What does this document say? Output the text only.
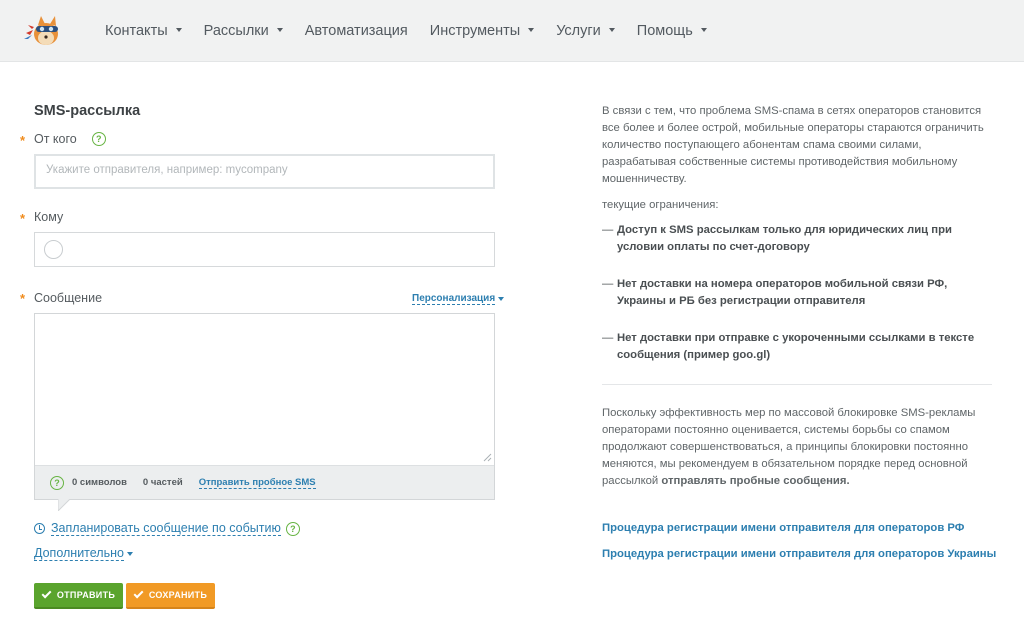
Контакты Рассылки Автоматизация Инструменты Услуги Помощь
SMS-рассылка
* От кого	?
Укажите отправителя, например: mycompany
* Кому
* Сообщение	Персонализация
?	0 символов 0 частей Отправить пробное SMS
Запланировать сообщение по событию	?
Дополнительно
ОТПРАВИТЬ	СОХРАНИТЬ

В связи с тем, что проблема SMS-спама в сетях операторов становится все более и более острой, мобильные операторы стараются ограничить количество поступающего абонентам спама своими силами, разрабатывая собственные системы противодействия мобильному мошенничеству.

текущие ограничения:

— Доступ к SMS рассылкам только для юридических лиц при условии оплаты по счет-договору
— Нет доставки на номера операторов мобильной связи РФ, Украины и РБ без регистрации отправителя
— Нет доставки при отправке с укороченными ссылками в тексте сообщения (пример goo.gl)

Поскольку эффективность мер по массовой блокировке SMS-рекламы операторами постоянно оценивается, системы борьбы со спамом продолжают совершенствоваться, а принципы блокировки постоянно меняются, мы рекомендуем в обязательном порядке перед основной рассылкой отправлять пробные сообщения.

Процедура регистрации имени отправителя для операторов РФ
Процедура регистрации имени отправителя для операторов Украины
